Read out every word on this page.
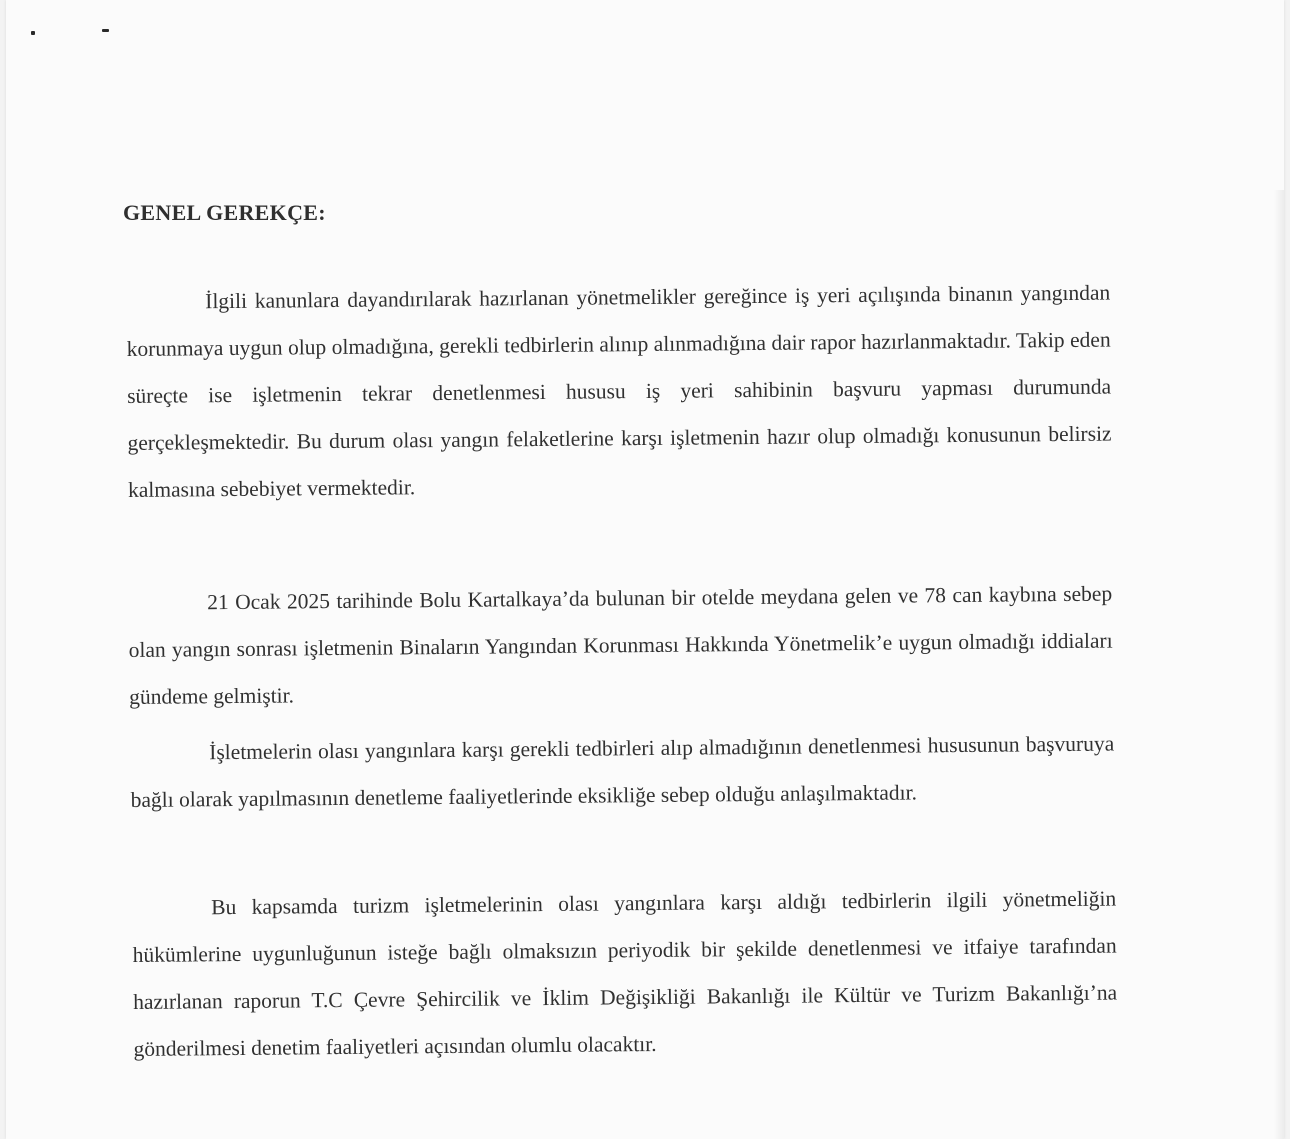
GENEL GEREKÇE:

İlgili kanunlara dayandırılarak hazırlanan yönetmelikler gereğince iş yeri açılışında binanın yangından korunmaya uygun olup olmadığına, gerekli tedbirlerin alınıp alınmadığına dair rapor hazırlanmaktadır. Takip eden süreçte ise işletmenin tekrar denetlenmesi hususu iş yeri sahibinin başvuru yapması durumunda gerçekleşmektedir. Bu durum olası yangın felaketlerine karşı işletmenin hazır olup olmadığı konusunun belirsiz kalmasına sebebiyet vermektedir.

21 Ocak 2025 tarihinde Bolu Kartalkaya’da bulunan bir otelde meydana gelen ve 78 can kaybına sebep olan yangın sonrası işletmenin Binaların Yangından Korunması Hakkında Yönetmelik’e uygun olmadığı iddiaları gündeme gelmiştir.

İşletmelerin olası yangınlara karşı gerekli tedbirleri alıp almadığının denetlenmesi hususunun başvuruya bağlı olarak yapılmasının denetleme faaliyetlerinde eksikliğe sebep olduğu anlaşılmaktadır.

Bu kapsamda turizm işletmelerinin olası yangınlara karşı aldığı tedbirlerin ilgili yönetmeliğin hükümlerine uygunluğunun isteğe bağlı olmaksızın periyodik bir şekilde denetlenmesi ve itfaiye tarafından hazırlanan raporun T.C Çevre Şehircilik ve İklim Değişikliği Bakanlığı ile Kültür ve Turizm Bakanlığı’na gönderilmesi denetim faaliyetleri açısından olumlu olacaktır.
